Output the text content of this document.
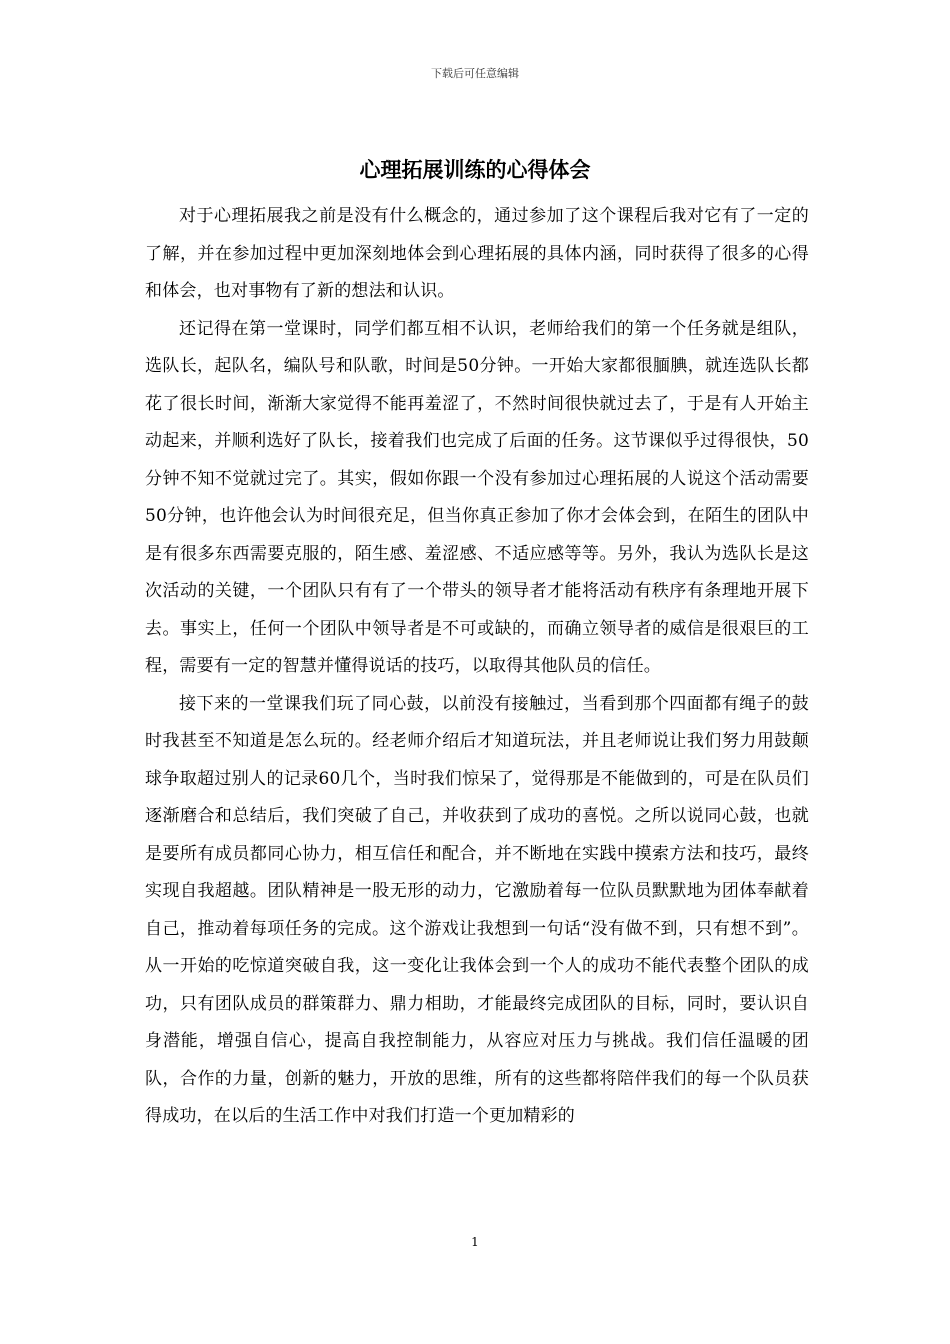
下载后可任意编辑
心理拓展训练的心得体会

对于心理拓展我之前是没有什么概念的，通过参加了这个课程后我对它有了一定的了解，并在参加过程中更加深刻地体会到心理拓展的具体内涵，同时获得了很多的心得和体会，也对事物有了新的想法和认识。

还记得在第一堂课时，同学们都互相不认识，老师给我们的第一个任务就是组队，选队长，起队名，编队号和队歌，时间是50分钟。一开始大家都很腼腆，就连选队长都花了很长时间，渐渐大家觉得不能再羞涩了，不然时间很快就过去了，于是有人开始主动起来，并顺利选好了队长，接着我们也完成了后面的任务。这节课似乎过得很快，50分钟不知不觉就过完了。其实，假如你跟一个没有参加过心理拓展的人说这个活动需要50分钟，也许他会认为时间很充足，但当你真正参加了你才会体会到，在陌生的团队中是有很多东西需要克服的，陌生感、羞涩感、不适应感等等。另外，我认为选队长是这次活动的关键，一个团队只有有了一个带头的领导者才能将活动有秩序有条理地开展下去。事实上，任何一个团队中领导者是不可或缺的，而确立领导者的威信是很艰巨的工程，需要有一定的智慧并懂得说话的技巧，以取得其他队员的信任。

接下来的一堂课我们玩了同心鼓，以前没有接触过，当看到那个四面都有绳子的鼓时我甚至不知道是怎么玩的。经老师介绍后才知道玩法，并且老师说让我们努力用鼓颠球争取超过别人的记录60几个，当时我们惊呆了，觉得那是不能做到的，可是在队员们逐渐磨合和总结后，我们突破了自己，并收获到了成功的喜悦。之所以说同心鼓，也就是要所有成员都同心协力，相互信任和配合，并不断地在实践中摸索方法和技巧，最终实现自我超越。团队精神是一股无形的动力，它激励着每一位队员默默地为团体奉献着自己，推动着每项任务的完成。这个游戏让我想到一句话“没有做不到，只有想不到”。从一开始的吃惊道突破自我，这一变化让我体会到一个人的成功不能代表整个团队的成功，只有团队成员的群策群力、鼎力相助，才能最终完成团队的目标，同时，要认识自身潜能，增强自信心，提高自我控制能力，从容应对压力与挑战。我们信任温暖的团队，合作的力量，创新的魅力，开放的思维，所有的这些都将陪伴我们的每一个队员获得成功，在以后的生活工作中对我们打造一个更加精彩的

1
